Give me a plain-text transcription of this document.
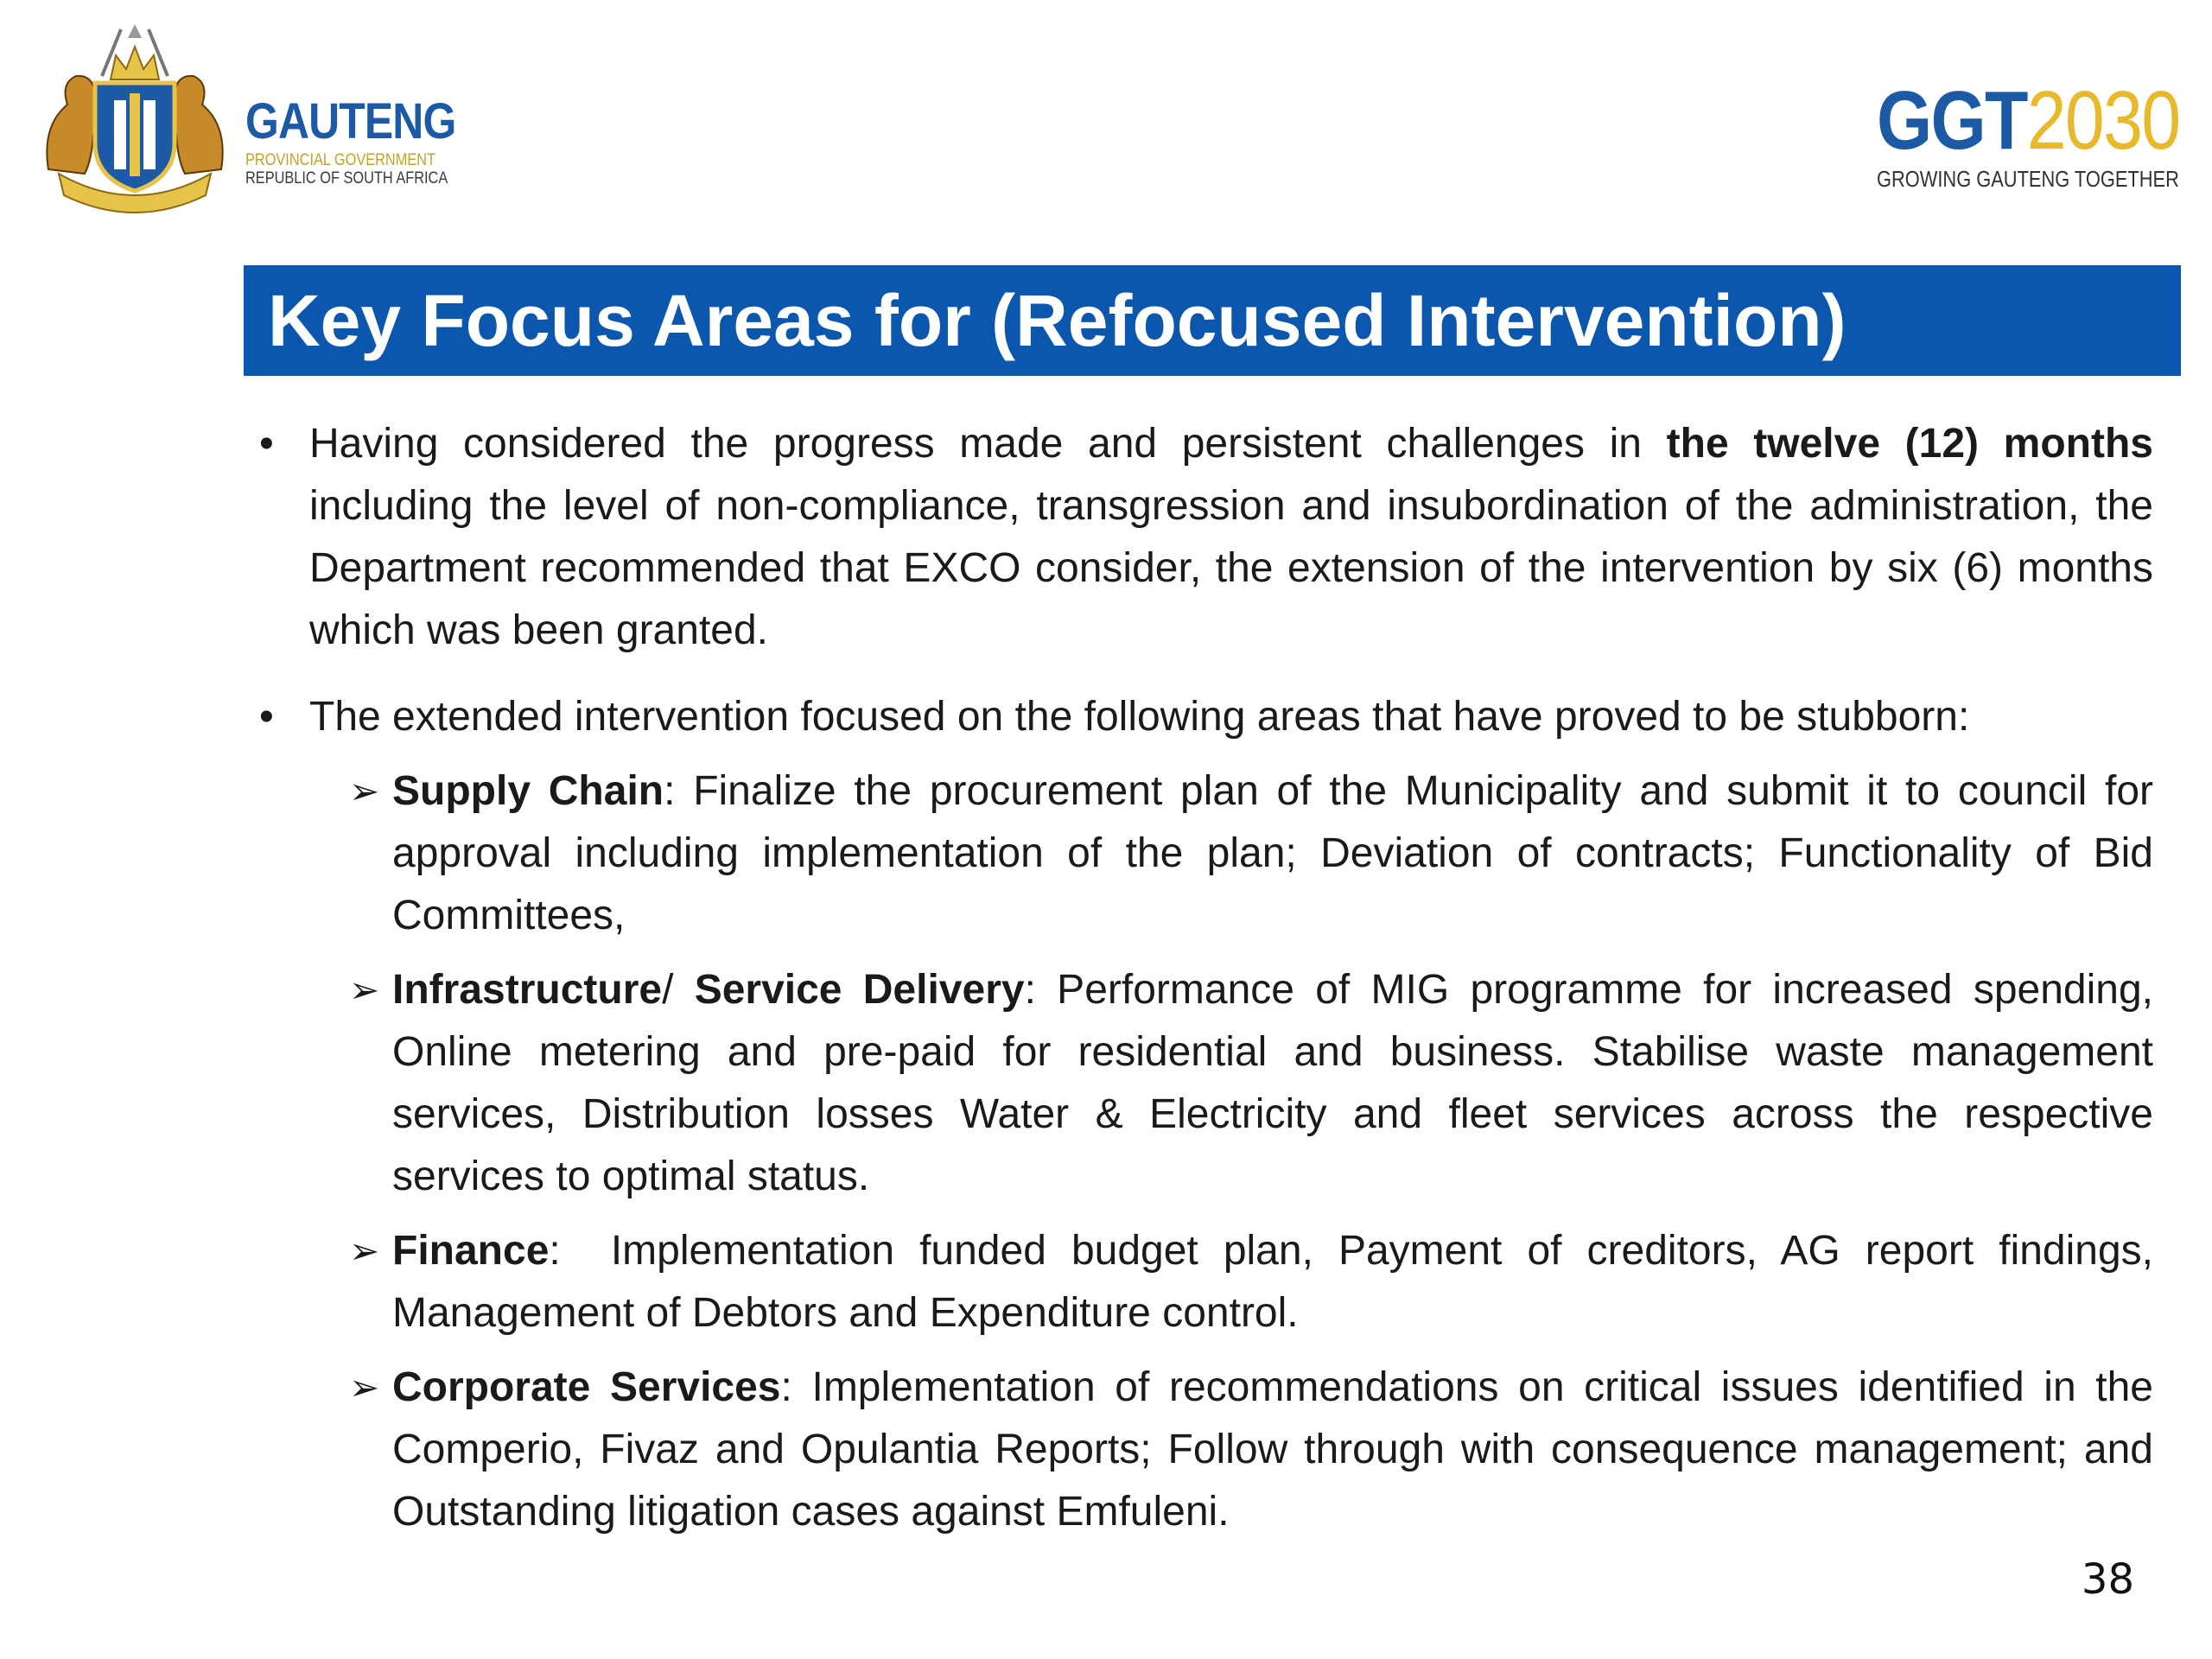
GAUTENG
PROVINCIAL GOVERNMENT
REPUBLIC OF SOUTH AFRICA
GGT2030
GROWING GAUTENG TOGETHER
Key Focus Areas for (Refocused Intervention)
• Having considered the progress made and persistent challenges in the twelve (12) months including the level of non-compliance, transgression and insubordination of the administration, the Department recommended that EXCO consider, the extension of the intervention by six (6) months which was been granted.
• The extended intervention focused on the following areas that have proved to be stubborn:
➢ Supply Chain: Finalize the procurement plan of the Municipality and submit it to council for approval including implementation of the plan; Deviation of contracts; Functionality of Bid Committees,
➢ Infrastructure/ Service Delivery: Performance of MIG programme for increased spending, Online metering and pre-paid for residential and business. Stabilise waste management services, Distribution losses Water & Electricity and fleet services across the respective services to optimal status.
➢ Finance:  Implementation funded budget plan, Payment of creditors, AG report findings, Management of Debtors and Expenditure control.
➢ Corporate Services: Implementation of recommendations on critical issues identified in the Comperio, Fivaz and Opulantia Reports; Follow through with consequence management; and Outstanding litigation cases against Emfuleni.
38
